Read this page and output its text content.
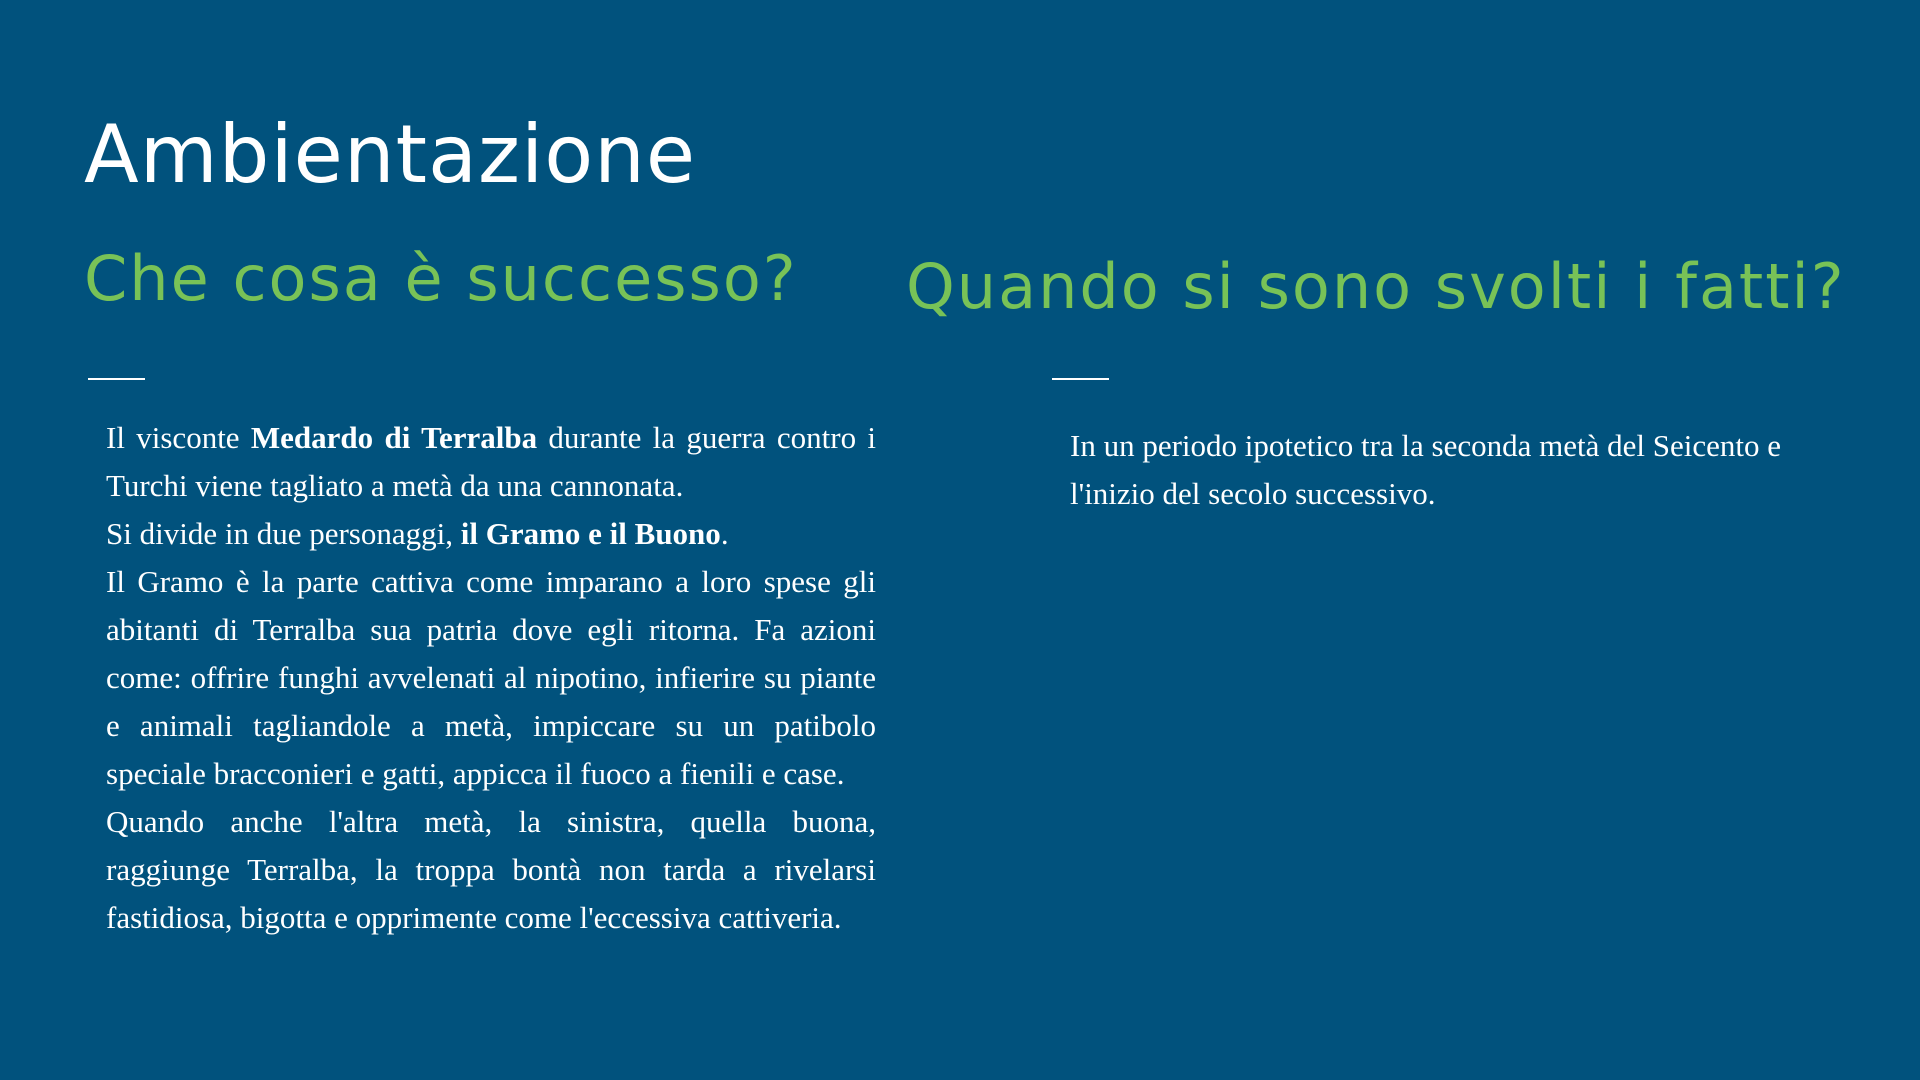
Ambientazione
Che cosa è successo? Quando si sono svolti i fatti?

Il visconte Medardo di Terralba durante la guerra contro i Turchi viene tagliato a metà da una cannonata.

Si divide in due personaggi, il Gramo e il Buono.

Il Gramo è la parte cattiva come imparano a loro spese gli abitanti di Terralba sua patria dove egli ritorna. Fa azioni come: offrire funghi avvelenati al nipotino, infierire su piante e animali tagliandole a metà, impiccare su un patibolo speciale bracconieri e gatti, appicca il fuoco a fienili e case.

Quando anche l'altra metà, la sinistra, quella buona, raggiunge Terralba, la troppa bontà non tarda a rivelarsi fastidiosa, bigotta e opprimente come l'eccessiva cattiveria.

In un periodo ipotetico tra la seconda metà del Seicento e l'inizio del secolo successivo.
